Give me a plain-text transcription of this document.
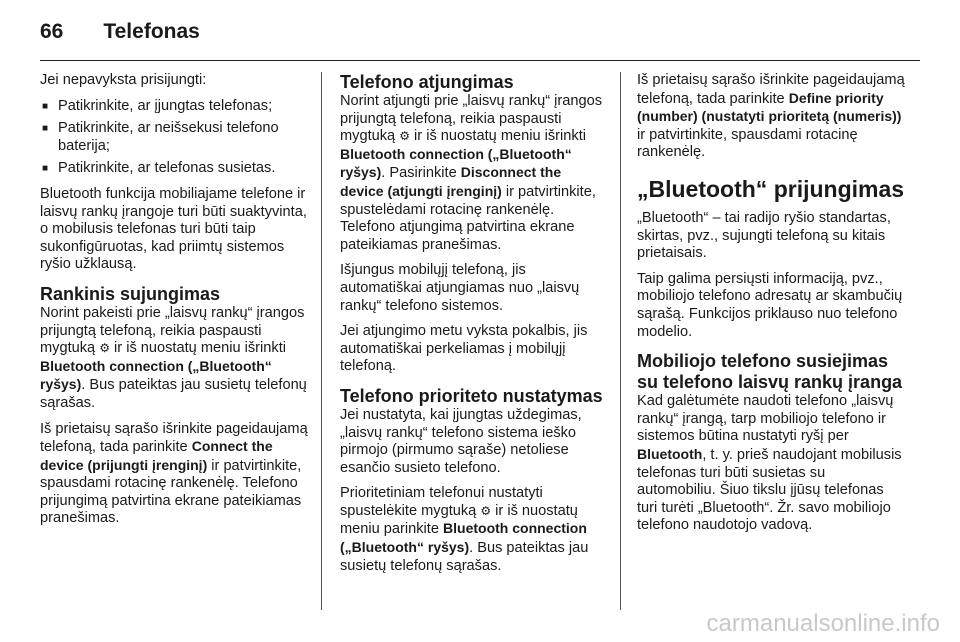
66 Telefonas

Jei nepavyksta prisijungti:

■ Patikrinkite, ar įjungtas telefonas;
■ Patikrinkite, ar neišsekusi telefono baterija;
■ Patikrinkite, ar telefonas susietas.

Bluetooth funkcija mobiliajame telefone ir laisvų rankų įrangoje turi būti suaktyvinta, o mobilusis telefonas turi būti taip sukonfigūruotas, kad priimtų sistemos ryšio užklausą.

Rankinis sujungimas

Norint pakeisti prie „laisvų rankų“ įrangos prijungtą telefoną, reikia paspausti mygtuką ⚙ ir iš nuostatų meniu išrinkti Bluetooth connection („Bluetooth“ ryšys). Bus pateiktas jau susietų telefonų sąrašas.

Iš prietaisų sąrašo išrinkite pageidaujamą telefoną, tada parinkite Connect the device (prijungti įrenginį) ir patvirtinkite, spausdami rotacinę rankenėlę. Telefono prijungimą patvirtina ekrane pateikiamas pranešimas.

Telefono atjungimas

Norint atjungti prie „laisvų rankų“ įrangos prijungtą telefoną, reikia paspausti mygtuką ⚙ ir iš nuostatų meniu išrinkti Bluetooth connection („Bluetooth“ ryšys). Pasirinkite Disconnect the device (atjungti įrenginį) ir patvirtinkite, spustelėdami rotacinę rankenėlę. Telefono atjungimą patvirtina ekrane pateikiamas pranešimas.

Išjungus mobilųjį telefoną, jis automatiškai atjungiamas nuo „laisvų rankų“ telefono sistemos.

Jei atjungimo metu vyksta pokalbis, jis automatiškai perkeliamas į mobilųjį telefoną.

Telefono prioriteto nustatymas

Jei nustatyta, kai įjungtas uždegimas, „laisvų rankų“ telefono sistema ieško pirmojo (pirmumo sąraše) netoliese esančio susieto telefono.

Prioritetiniam telefonui nustatyti spustelėkite mygtuką ⚙ ir iš nuostatų meniu parinkite Bluetooth connection („Bluetooth“ ryšys). Bus pateiktas jau susietų telefonų sąrašas.

Iš prietaisų sąrašo išrinkite pageidaujamą telefoną, tada parinkite Define priority (number) (nustatyti prioritetą (numeris)) ir patvirtinkite, spausdami rotacinę rankenėlę.

„Bluetooth“ prijungimas

„Bluetooth“ – tai radijo ryšio standartas, skirtas, pvz., sujungti telefoną su kitais prietaisais.

Taip galima persiųsti informaciją, pvz., mobiliojo telefono adresatų ar skambučių sąrašą. Funkcijos priklauso nuo telefono modelio.

Mobiliojo telefono susiejimas su telefono laisvų rankų įranga

Kad galėtumėte naudoti telefono „laisvų rankų“ įrangą, tarp mobiliojo telefono ir sistemos būtina nustatyti ryšį per Bluetooth, t. y. prieš naudojant mobilusis telefonas turi būti susietas su automobiliu. Šiuo tikslu įjūsų telefonas turi turėti „Bluetooth“. Žr. savo mobiliojo telefono naudotojo vadovą.

carmanualsonline.info
